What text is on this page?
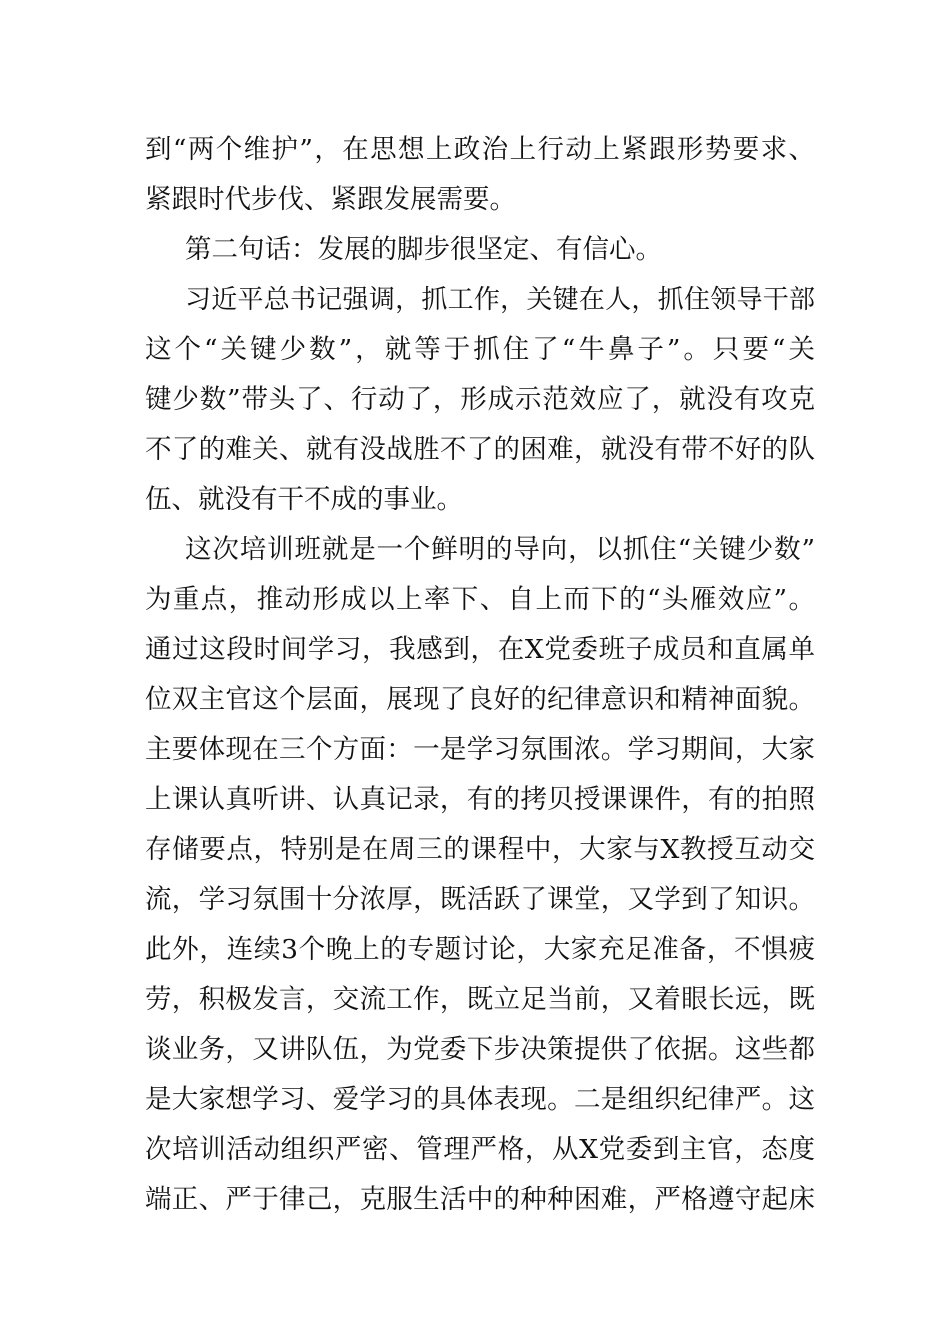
到“两个维护”，在思想上政治上行动上紧跟形势要求、
紧跟时代步伐、紧跟发展需要。
第二句话：发展的脚步很坚定、有信心。
习近平总书记强调，抓工作，关键在人，抓住领导干部
这个“关键少数”，就等于抓住了“牛鼻子”。只要“关
键少数”带头了、行动了，形成示范效应了，就没有攻克
不了的难关、就有没战胜不了的困难，就没有带不好的队
伍、就没有干不成的事业。
这次培训班就是一个鲜明的导向，以抓住“关键少数”
为重点，推动形成以上率下、自上而下的“头雁效应”。
通过这段时间学习，我感到，在X党委班子成员和直属单
位双主官这个层面，展现了良好的纪律意识和精神面貌。
主要体现在三个方面：一是学习氛围浓。学习期间，大家
上课认真听讲、认真记录，有的拷贝授课课件，有的拍照
存储要点，特别是在周三的课程中，大家与X教授互动交
流，学习氛围十分浓厚，既活跃了课堂，又学到了知识。
此外，连续3个晚上的专题讨论，大家充足准备，不惧疲
劳，积极发言，交流工作，既立足当前，又着眼长远，既
谈业务，又讲队伍，为党委下步决策提供了依据。这些都
是大家想学习、爱学习的具体表现。二是组织纪律严。这
次培训活动组织严密、管理严格，从X党委到主官，态度
端正、严于律己，克服生活中的种种困难，严格遵守起床
